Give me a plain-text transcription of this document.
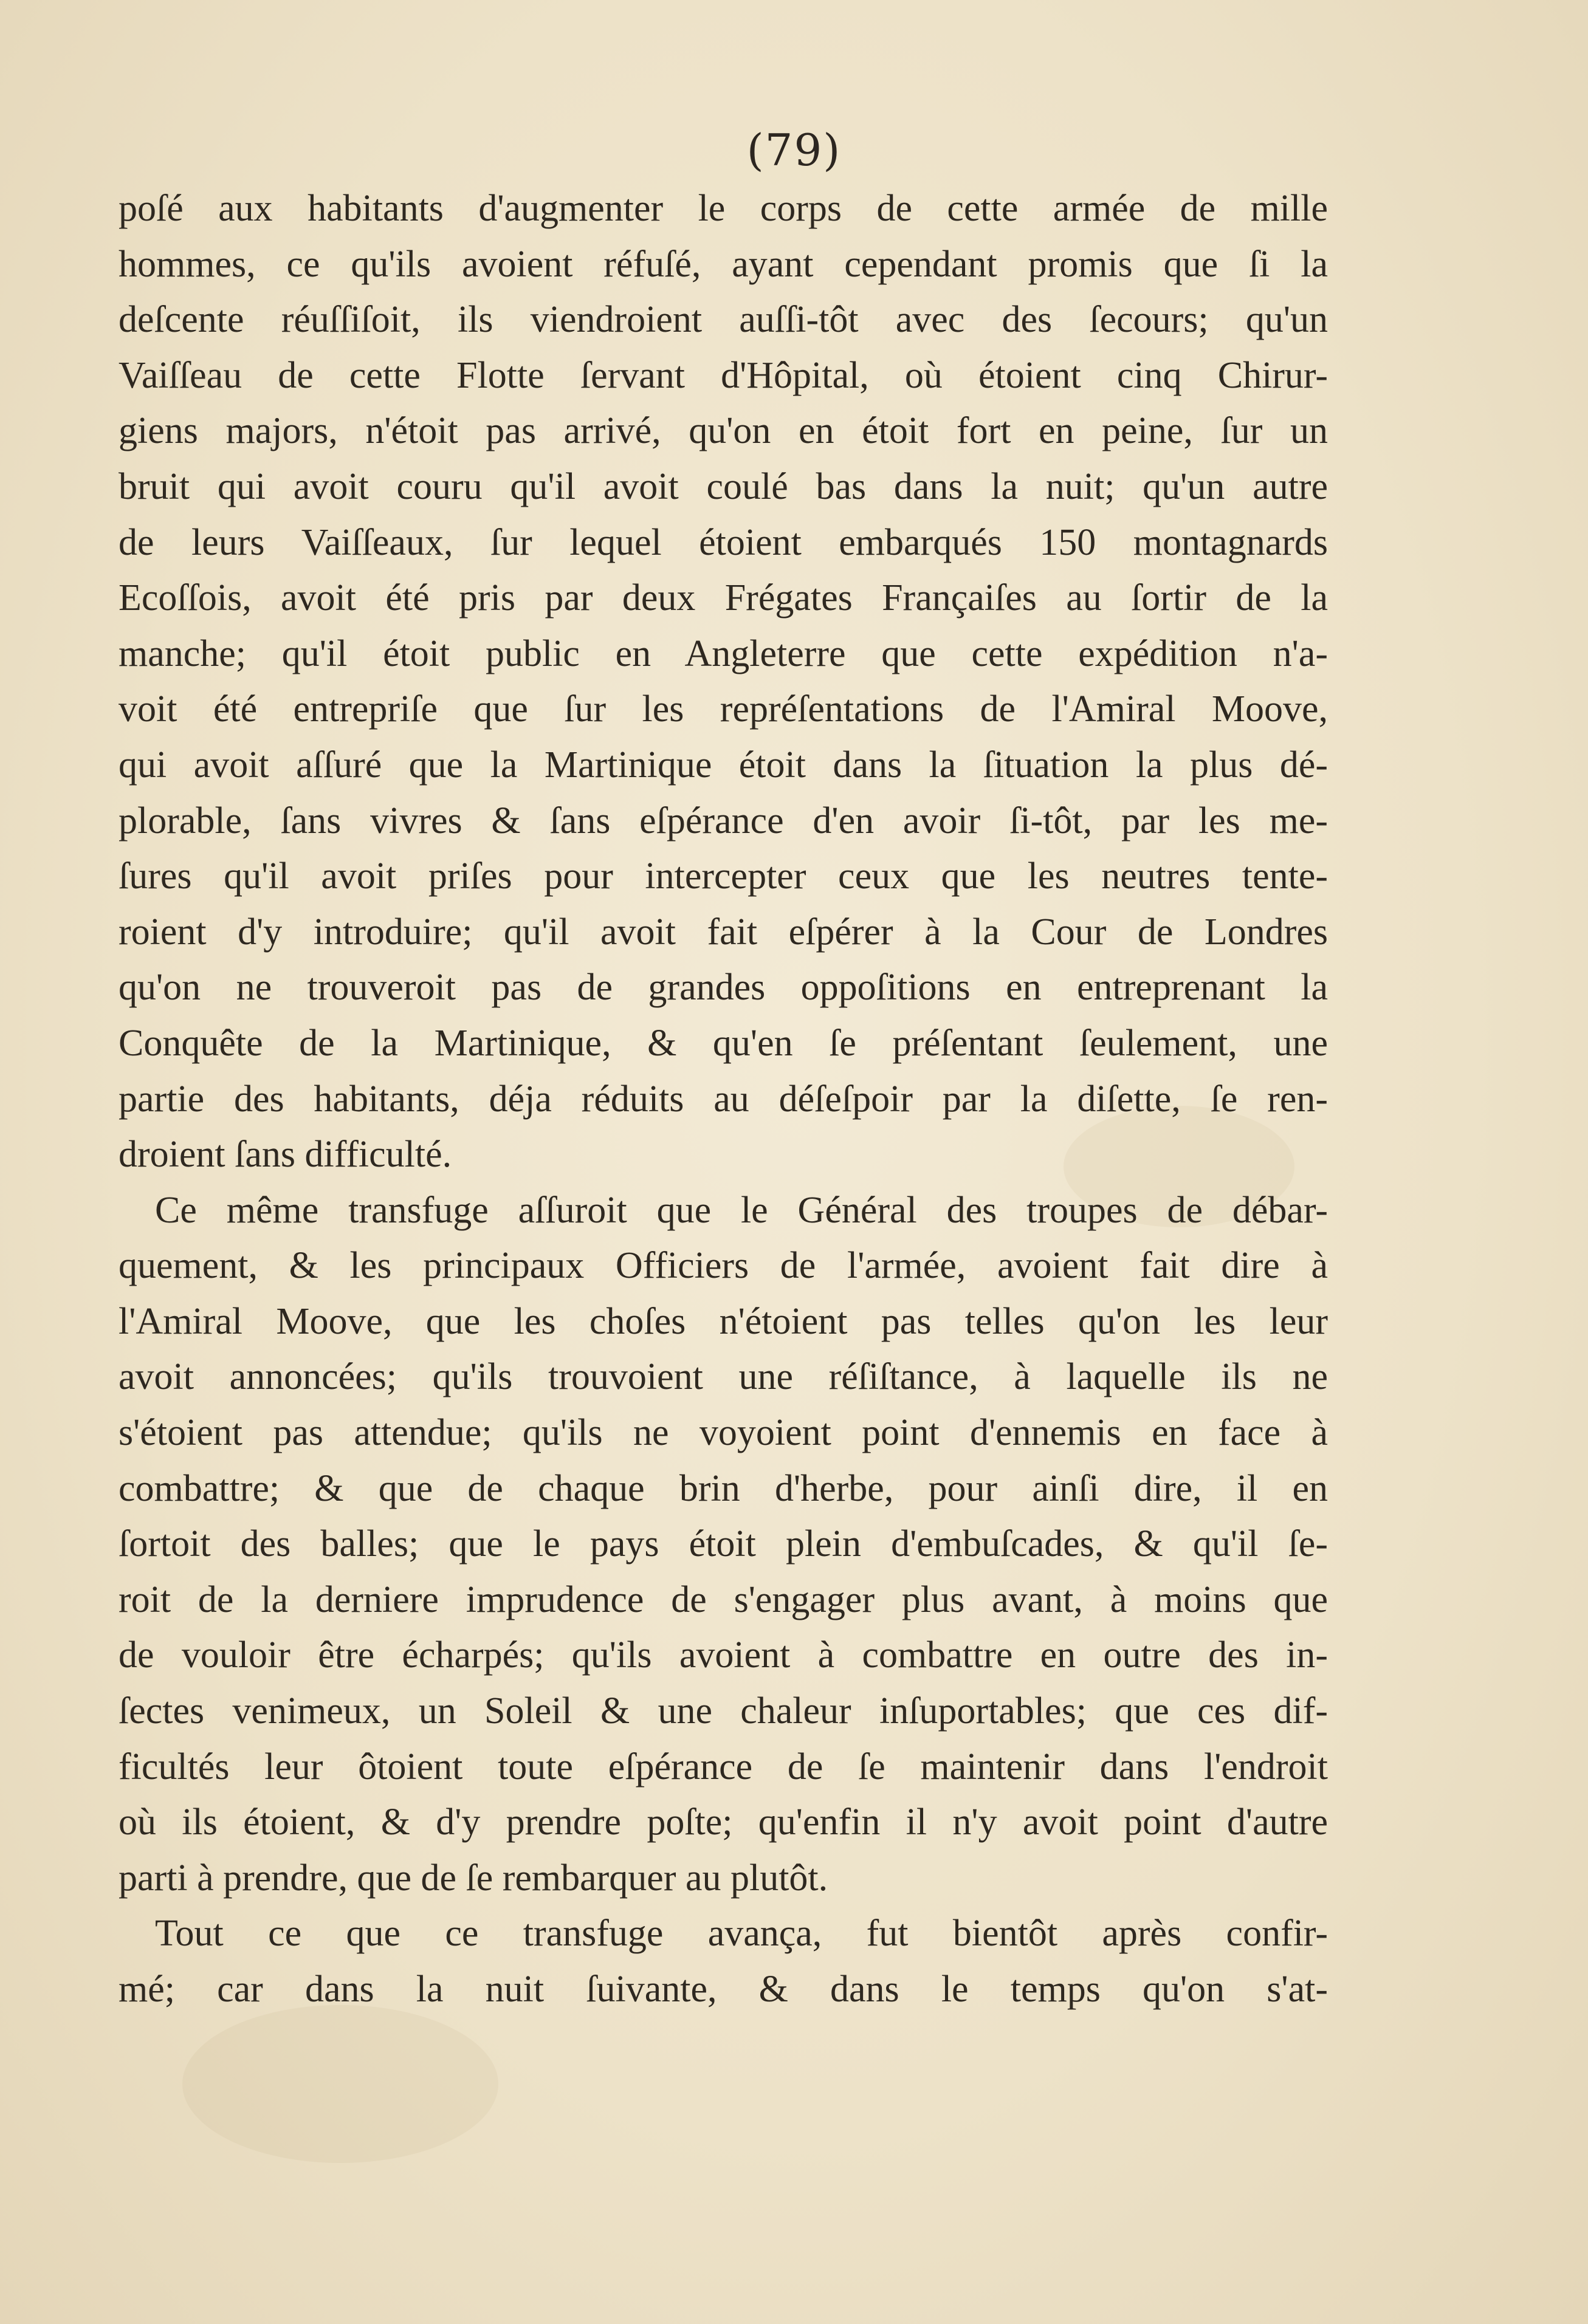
(79)
poſé aux habitants d'augmenter le corps de cette armée de mille
hommes, ce qu'ils avoient réfuſé, ayant cependant promis que ſi la
deſcente réuſſiſoit, ils viendroient auſſi-tôt avec des ſecours; qu'un
Vaiſſeau de cette Flotte ſervant d'Hôpital, où étoient cinq Chirur-
giens majors, n'étoit pas arrivé, qu'on en étoit fort en peine, ſur un
bruit qui avoit couru qu'il avoit coulé bas dans la nuit; qu'un autre
de leurs Vaiſſeaux, ſur lequel étoient embarqués 150 montagnards
Ecoſſois, avoit été pris par deux Frégates Françaiſes au ſortir de la
manche; qu'il étoit public en Angleterre que cette expédition n'a-
voit été entrepriſe que ſur les repréſentations de l'Amiral Moove,
qui avoit aſſuré que la Martinique étoit dans la ſituation la plus dé-
plorable, ſans vivres & ſans eſpérance d'en avoir ſi-tôt, par les me-
ſures qu'il avoit priſes pour intercepter ceux que les neutres tente-
roient d'y introduire; qu'il avoit fait eſpérer à la Cour de Londres
qu'on ne trouveroit pas de grandes oppoſitions en entreprenant la
Conquête de la Martinique, & qu'en ſe préſentant ſeulement, une
partie des habitants, déja réduits au déſeſpoir par la diſette, ſe ren-
droient ſans difficulté.
Ce même transfuge aſſuroit que le Général des troupes de débar-
quement, & les principaux Officiers de l'armée, avoient fait dire à
l'Amiral Moove, que les choſes n'étoient pas telles qu'on les leur
avoit annoncées; qu'ils trouvoient une réſiſtance, à laquelle ils ne
s'étoient pas attendue; qu'ils ne voyoient point d'ennemis en face à
combattre; & que de chaque brin d'herbe, pour ainſi dire, il en
ſortoit des balles; que le pays étoit plein d'embuſcades, & qu'il ſe-
roit de la derniere imprudence de s'engager plus avant, à moins que
de vouloir être écharpés; qu'ils avoient à combattre en outre des in-
ſectes venimeux, un Soleil & une chaleur inſuportables; que ces dif-
ficultés leur ôtoient toute eſpérance de ſe maintenir dans l'endroit
où ils étoient, & d'y prendre poſte; qu'enfin il n'y avoit point d'autre
parti à prendre, que de ſe rembarquer au plutôt.
Tout ce que ce transfuge avança, fut bientôt après confir-
mé; car dans la nuit ſuivante, & dans le temps qu'on s'at-
